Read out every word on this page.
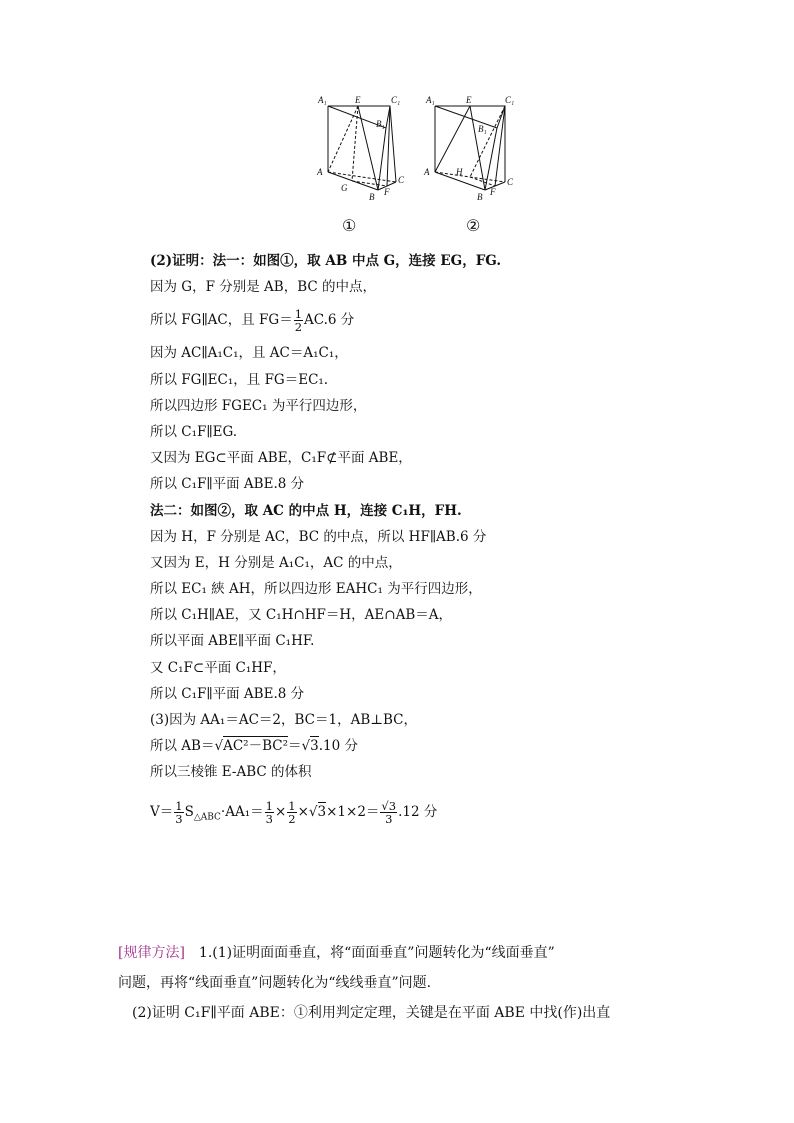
A₁	E	C₁
B₁
A
G
B F
C
A₁	E	C₁
B₁
A	H
B F
C
①	②
(2)证明：法一：如图①，取 AB 中点 G，连接 EG，FG.
因为 G，F 分别是 AB，BC 的中点，
所以 FG∥AC，且 $FG= \frac{1}{2} AC.6$ 分
因为 AC∥A₁C₁，且 AC＝A₁C₁，
所以 FG∥EC₁，且 FG＝EC₁.
所以四边形 FGEC₁ 为平行四边形，
所以 C₁F∥EG.
又因为 EG⊂平面 ABE，C₁F⊄平面 ABE，
所以 C₁F∥平面 ABE.8 分
法二：如图②，取 AC 的中点 H，连接 C₁H，FH.
因为 H，F 分别是 AC，BC 的中点，所以 HF∥AB.6 分
又因为 E，H 分别是 A₁C₁，AC 的中点，
所以 EC₁ 綊 AH，所以四边形 EAHC₁ 为平行四边形，
所以 C₁H∥AE，又 C₁H∩HF＝H，AE∩AB＝A，
所以平面 ABE∥平面 C₁HF.
又 C₁F⊂平面 C₁HF，
所以 C₁F∥平面 ABE.8 分
(3)因为 AA₁＝AC＝2，BC＝1，AB⊥BC，
所以 AB＝√AC²－BC²＝√3.10 分
所以三棱锥 E-ABC 的体积
$V= \frac{1}{3} S_{\triangle ABC}\cdot AA_1= \frac{1}{3} \times \frac{1}{2} \times√3\times 1\times 2= \frac{√3}{3} .12$ 分
[规律方法]　1.(1)证明面面垂直，将“面面垂直”问题转化为“线面垂直”
问题，再将“线面垂直”问题转化为“线线垂直”问题.
　(2)证明 C₁F∥平面 ABE：①利用判定定理，关键是在平面 ABE 中找(作)出直
